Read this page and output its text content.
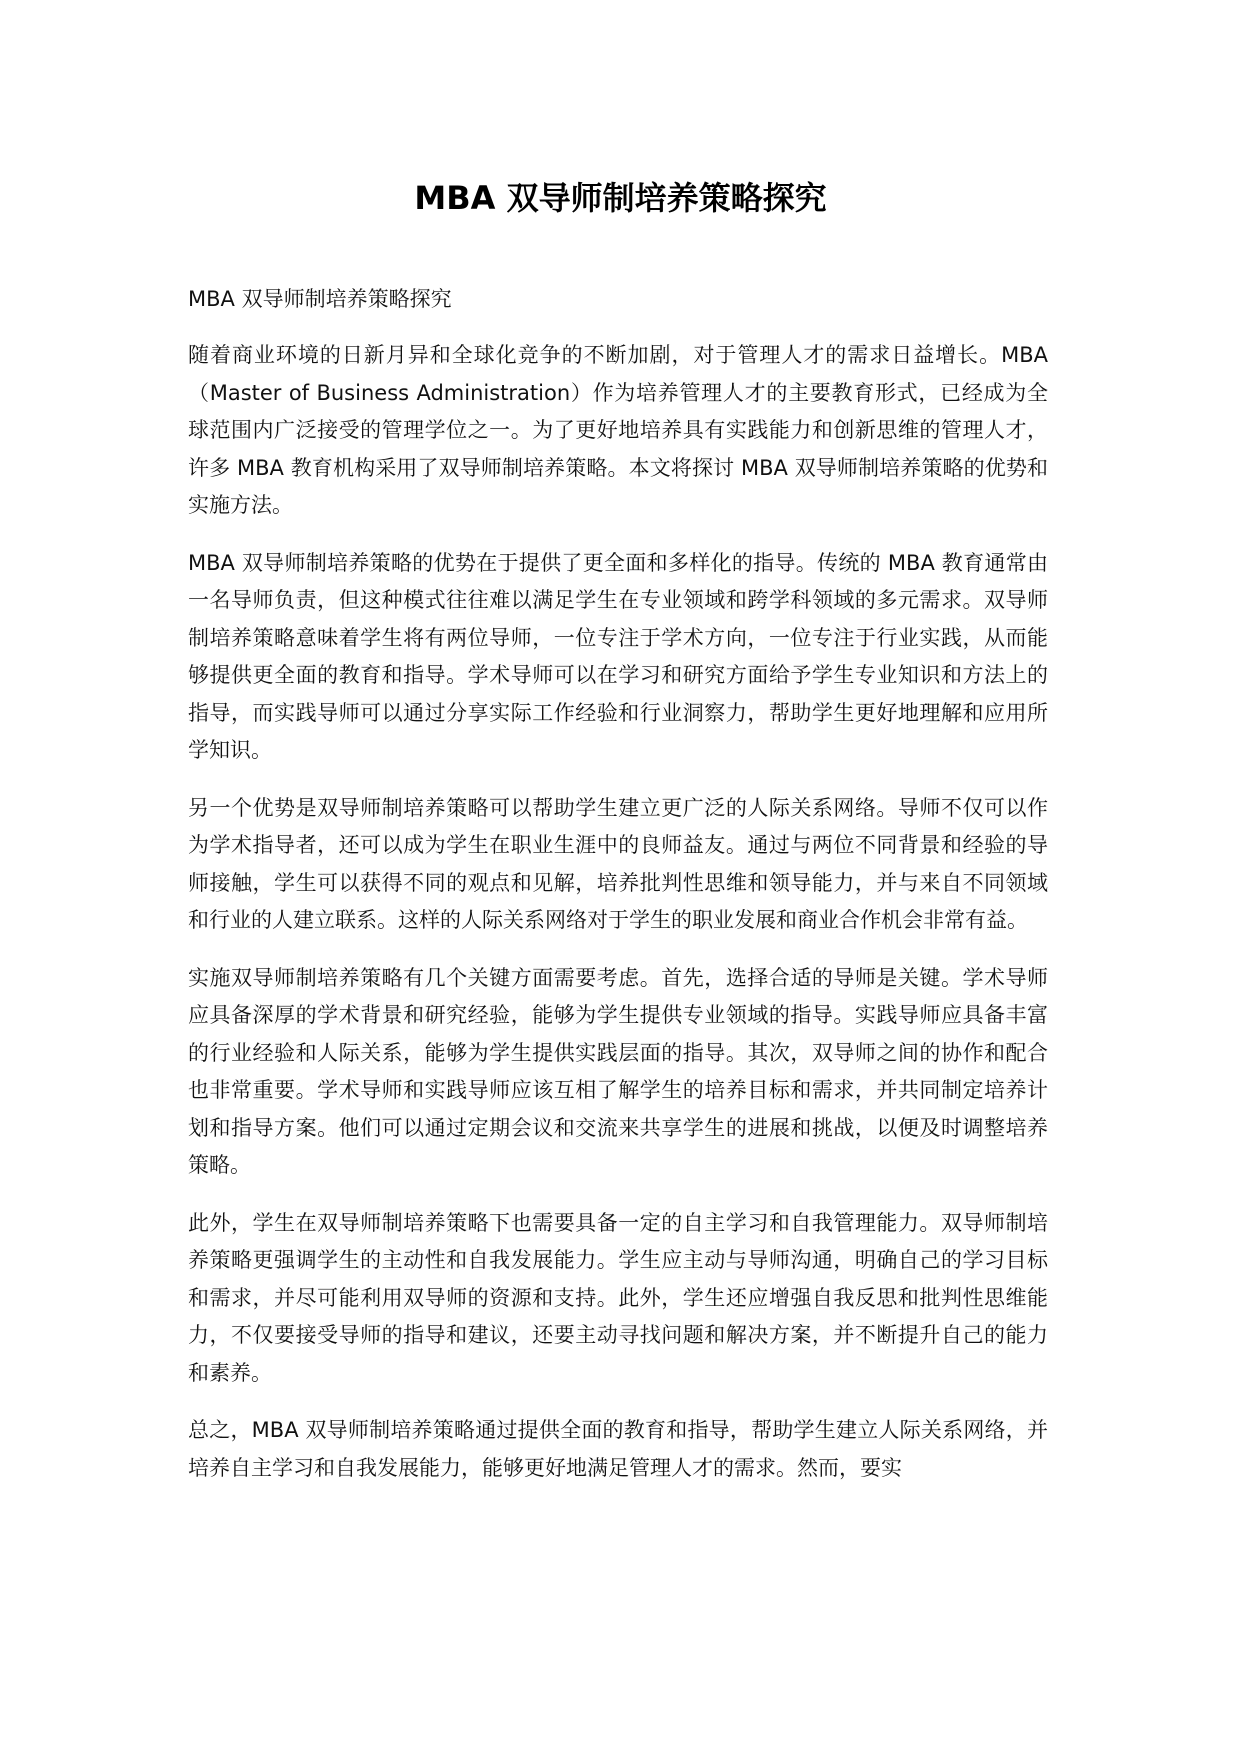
MBA 双导师制培养策略探究

MBA 双导师制培养策略探究

随着商业环境的日新月异和全球化竞争的不断加剧，对于管理人才的需求日益增长。MBA（Master of Business Administration）作为培养管理人才的主要教育形式，已经成为全球范围内广泛接受的管理学位之一。为了更好地培养具有实践能力和创新思维的管理人才，许多 MBA 教育机构采用了双导师制培养策略。本文将探讨 MBA 双导师制培养策略的优势和实施方法。

MBA 双导师制培养策略的优势在于提供了更全面和多样化的指导。传统的 MBA 教育通常由一名导师负责，但这种模式往往难以满足学生在专业领域和跨学科领域的多元需求。双导师制培养策略意味着学生将有两位导师，一位专注于学术方向，一位专注于行业实践，从而能够提供更全面的教育和指导。学术导师可以在学习和研究方面给予学生专业知识和方法上的指导，而实践导师可以通过分享实际工作经验和行业洞察力，帮助学生更好地理解和应用所学知识。

另一个优势是双导师制培养策略可以帮助学生建立更广泛的人际关系网络。导师不仅可以作为学术指导者，还可以成为学生在职业生涯中的良师益友。通过与两位不同背景和经验的导师接触，学生可以获得不同的观点和见解，培养批判性思维和领导能力，并与来自不同领域和行业的人建立联系。这样的人际关系网络对于学生的职业发展和商业合作机会非常有益。

实施双导师制培养策略有几个关键方面需要考虑。首先，选择合适的导师是关键。学术导师应具备深厚的学术背景和研究经验，能够为学生提供专业领域的指导。实践导师应具备丰富的行业经验和人际关系，能够为学生提供实践层面的指导。其次，双导师之间的协作和配合也非常重要。学术导师和实践导师应该互相了解学生的培养目标和需求，并共同制定培养计划和指导方案。他们可以通过定期会议和交流来共享学生的进展和挑战，以便及时调整培养策略。

此外，学生在双导师制培养策略下也需要具备一定的自主学习和自我管理能力。双导师制培养策略更强调学生的主动性和自我发展能力。学生应主动与导师沟通，明确自己的学习目标和需求，并尽可能利用双导师的资源和支持。此外，学生还应增强自我反思和批判性思维能力，不仅要接受导师的指导和建议，还要主动寻找问题和解决方案，并不断提升自己的能力和素养。

总之，MBA 双导师制培养策略通过提供全面的教育和指导，帮助学生建立人际关系网络，并培养自主学习和自我发展能力，能够更好地满足管理人才的需求。然而，要实
